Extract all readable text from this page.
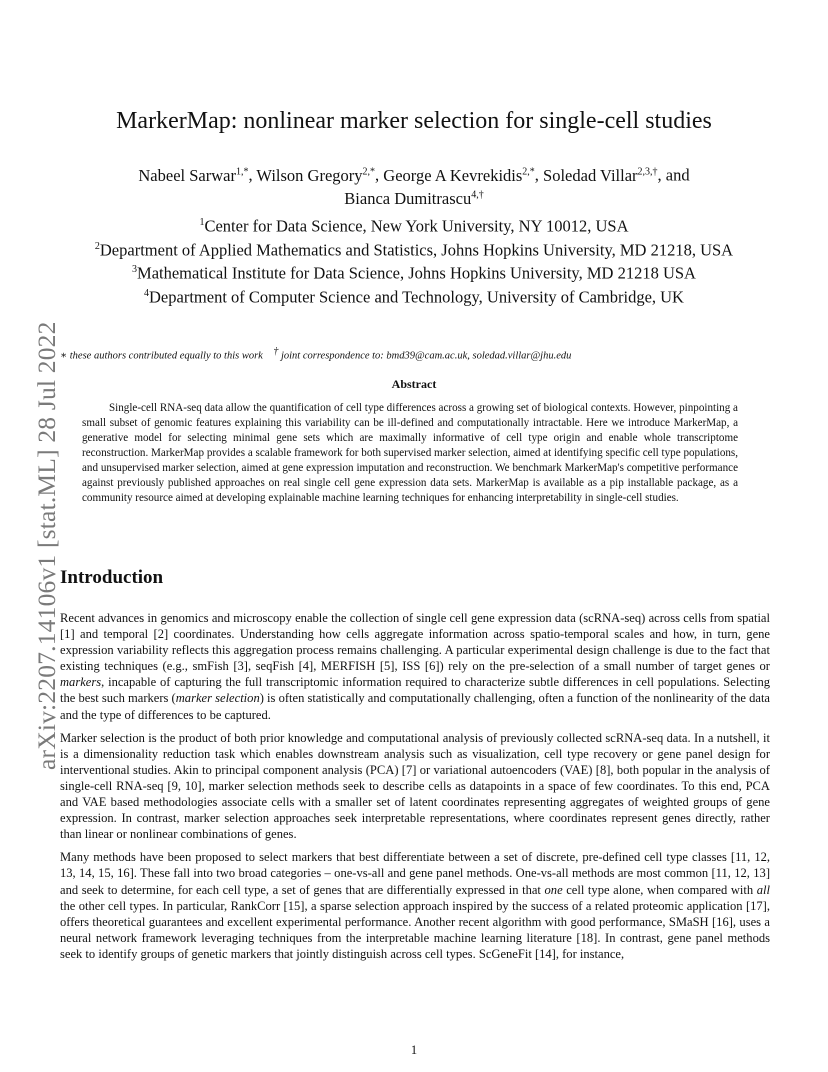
arXiv:2207.14106v1 [stat.ML] 28 Jul 2022
MarkerMap: nonlinear marker selection for single-cell studies
Nabeel Sarwar$^{1,*}$, Wilson Gregory$^{2,*}$, George A Kevrekidis$^{2,*}$, Soledad Villar$^{2,3,\dagger}$, and
Bianca Dumitrascu$^{4,\dagger}$
$^1$Center for Data Science, New York University, NY 10012, USA
$^2$Department of Applied Mathematics and Statistics, Johns Hopkins University, MD 21218, USA
$^3$Mathematical Institute for Data Science, Johns Hopkins University, MD 21218 USA
$^4$Department of Computer Science and Technology, University of Cambridge, UK
∗ these authors contributed equally to this work † joint correspondence to: bmd39@cam.ac.uk, soledad.villar@jhu.edu
Abstract
Single-cell RNA-seq data allow the quantification of cell type differences across a growing set of biological contexts. However, pinpointing a small subset of genomic features explaining this variability can be ill-defined and computationally intractable. Here we introduce MarkerMap, a generative model for selecting minimal gene sets which are maximally informative of cell type origin and enable whole transcriptome reconstruction. MarkerMap provides a scalable framework for both supervised marker selection, aimed at identifying specific cell type populations, and unsupervised marker selection, aimed at gene expression imputation and reconstruction. We benchmark MarkerMap's competitive performance against previously published approaches on real single cell gene expression data sets. MarkerMap is available as a pip installable package, as a community resource aimed at developing explainable machine learning techniques for enhancing interpretability in single-cell studies.
Introduction

Recent advances in genomics and microscopy enable the collection of single cell gene expression data (scRNA-seq) across cells from spatial [1] and temporal [2] coordinates. Understanding how cells aggregate information across spatio-temporal scales and how, in turn, gene expression variability reflects this aggregation process remains challenging. A particular experimental design challenge is due to the fact that existing techniques (e.g., smFish [3], seqFish [4], MERFISH [5], ISS [6]) rely on the pre-selection of a small number of target genes or markers, incapable of capturing the full transcriptomic information required to characterize subtle differences in cell populations. Selecting the best such markers (marker selection) is often statistically and computationally challenging, often a function of the nonlinearity of the data and the type of differences to be captured.

Marker selection is the product of both prior knowledge and computational analysis of previously collected scRNA-seq data. In a nutshell, it is a dimensionality reduction task which enables downstream analysis such as visualization, cell type recovery or gene panel design for interventional studies. Akin to principal component analysis (PCA) [7] or variational autoencoders (VAE) [8], both popular in the analysis of single-cell RNA-seq [9, 10], marker selection methods seek to describe cells as datapoints in a space of few coordinates. To this end, PCA and VAE based methodologies associate cells with a smaller set of latent coordinates representing aggregates of weighted groups of gene expression. In contrast, marker selection approaches seek interpretable representations, where coordinates represent genes directly, rather than linear or nonlinear combinations of genes.

Many methods have been proposed to select markers that best differentiate between a set of discrete, pre-defined cell type classes [11, 12, 13, 14, 15, 16]. These fall into two broad categories – one-vs-all and gene panel methods. One-vs-all methods are most common [11, 12, 13] and seek to determine, for each cell type, a set of genes that are differentially expressed in that one cell type alone, when compared with all the other cell types. In particular, RankCorr [15], a sparse selection approach inspired by the success of a related proteomic application [17], offers theoretical guarantees and excellent experimental performance. Another recent algorithm with good performance, SMaSH [16], uses a neural network framework leveraging techniques from the interpretable machine learning literature [18]. In contrast, gene panel methods seek to identify groups of genetic markers that jointly distinguish across cell types. ScGeneFit [14], for instance,

1
